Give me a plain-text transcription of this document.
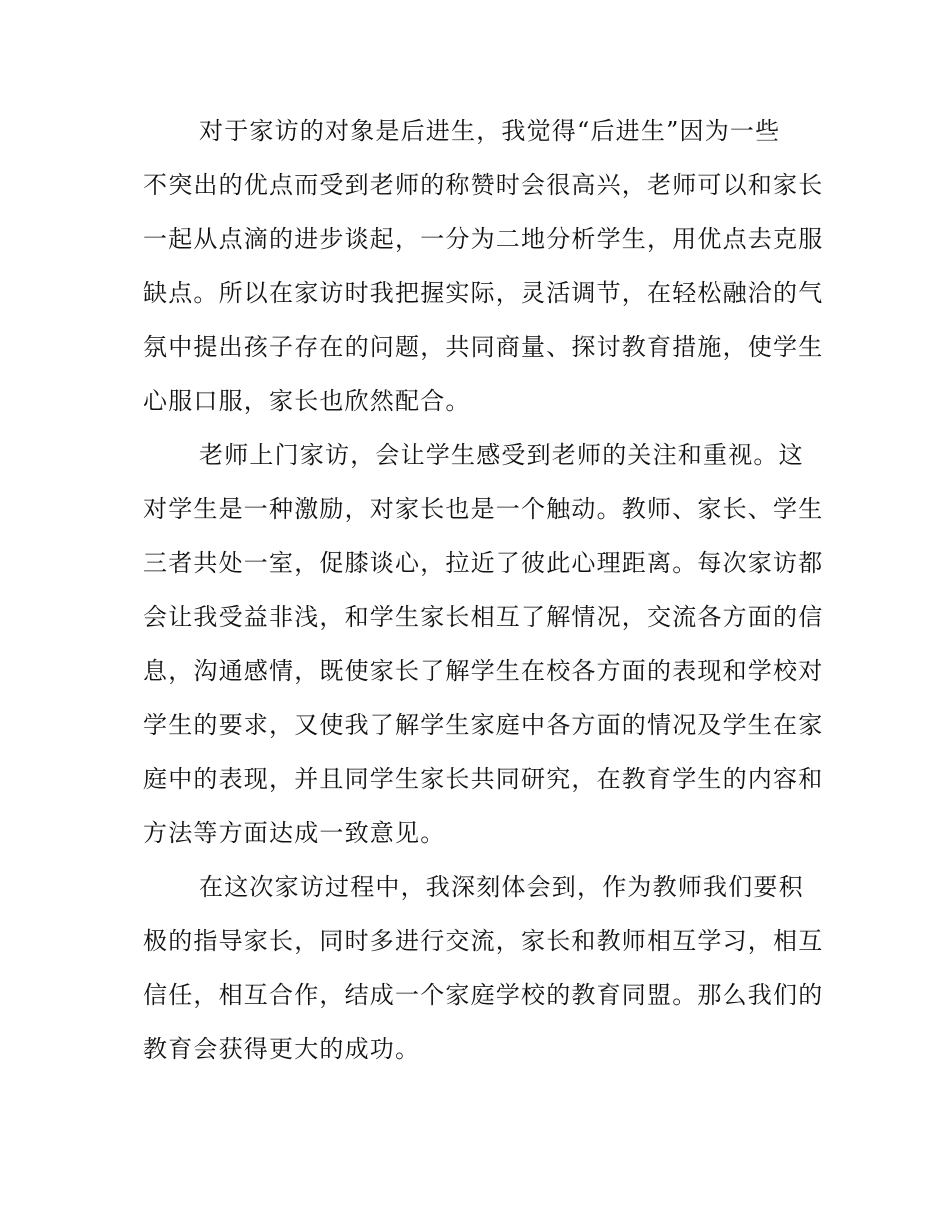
对于家访的对象是后进生，我觉得“后进生”因为一些
不突出的优点而受到老师的称赞时会很高兴，老师可以和家长
一起从点滴的进步谈起，一分为二地分析学生，用优点去克服
缺点。所以在家访时我把握实际，灵活调节，在轻松融洽的气
氛中提出孩子存在的问题，共同商量、探讨教育措施，使学生
心服口服，家长也欣然配合。
老师上门家访，会让学生感受到老师的关注和重视。这
对学生是一种激励，对家长也是一个触动。教师、家长、学生
三者共处一室，促膝谈心，拉近了彼此心理距离。每次家访都
会让我受益非浅，和学生家长相互了解情况，交流各方面的信
息，沟通感情，既使家长了解学生在校各方面的表现和学校对
学生的要求，又使我了解学生家庭中各方面的情况及学生在家
庭中的表现，并且同学生家长共同研究，在教育学生的内容和
方法等方面达成一致意见。
在这次家访过程中，我深刻体会到，作为教师我们要积
极的指导家长，同时多进行交流，家长和教师相互学习，相互
信任，相互合作，结成一个家庭学校的教育同盟。那么我们的
教育会获得更大的成功。
